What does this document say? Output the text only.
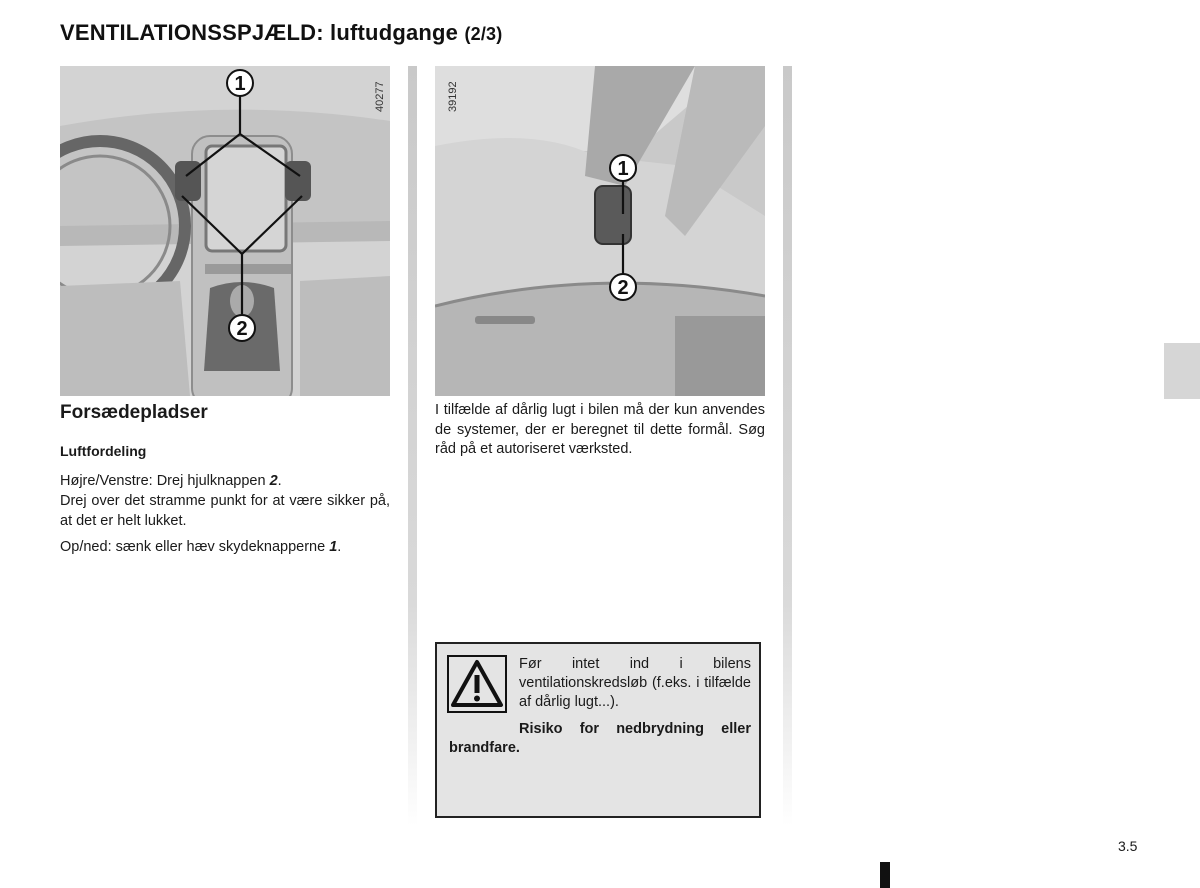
VENTILATIONSSPJÆLD: luftudgange (2/3)
1
2
40277
1
2
39192
Forsædepladser
Luftfordeling

Højre/Venstre: Drej hjulknappen 2.
Drej over det stramme punkt for at være sikker på, at det er helt lukket.

Op/ned: sænk eller hæv skydeknapperne 1.

I tilfælde af dårlig lugt i bilen må der kun anvendes de systemer, der er beregnet til dette formål. Søg råd på et autoriseret værksted.

Før intet ind i bilens ventilationskredsløb (f.eks. i tilfælde af dårlig lugt...).

Risiko for nedbrydning eller brandfare.

3.5
